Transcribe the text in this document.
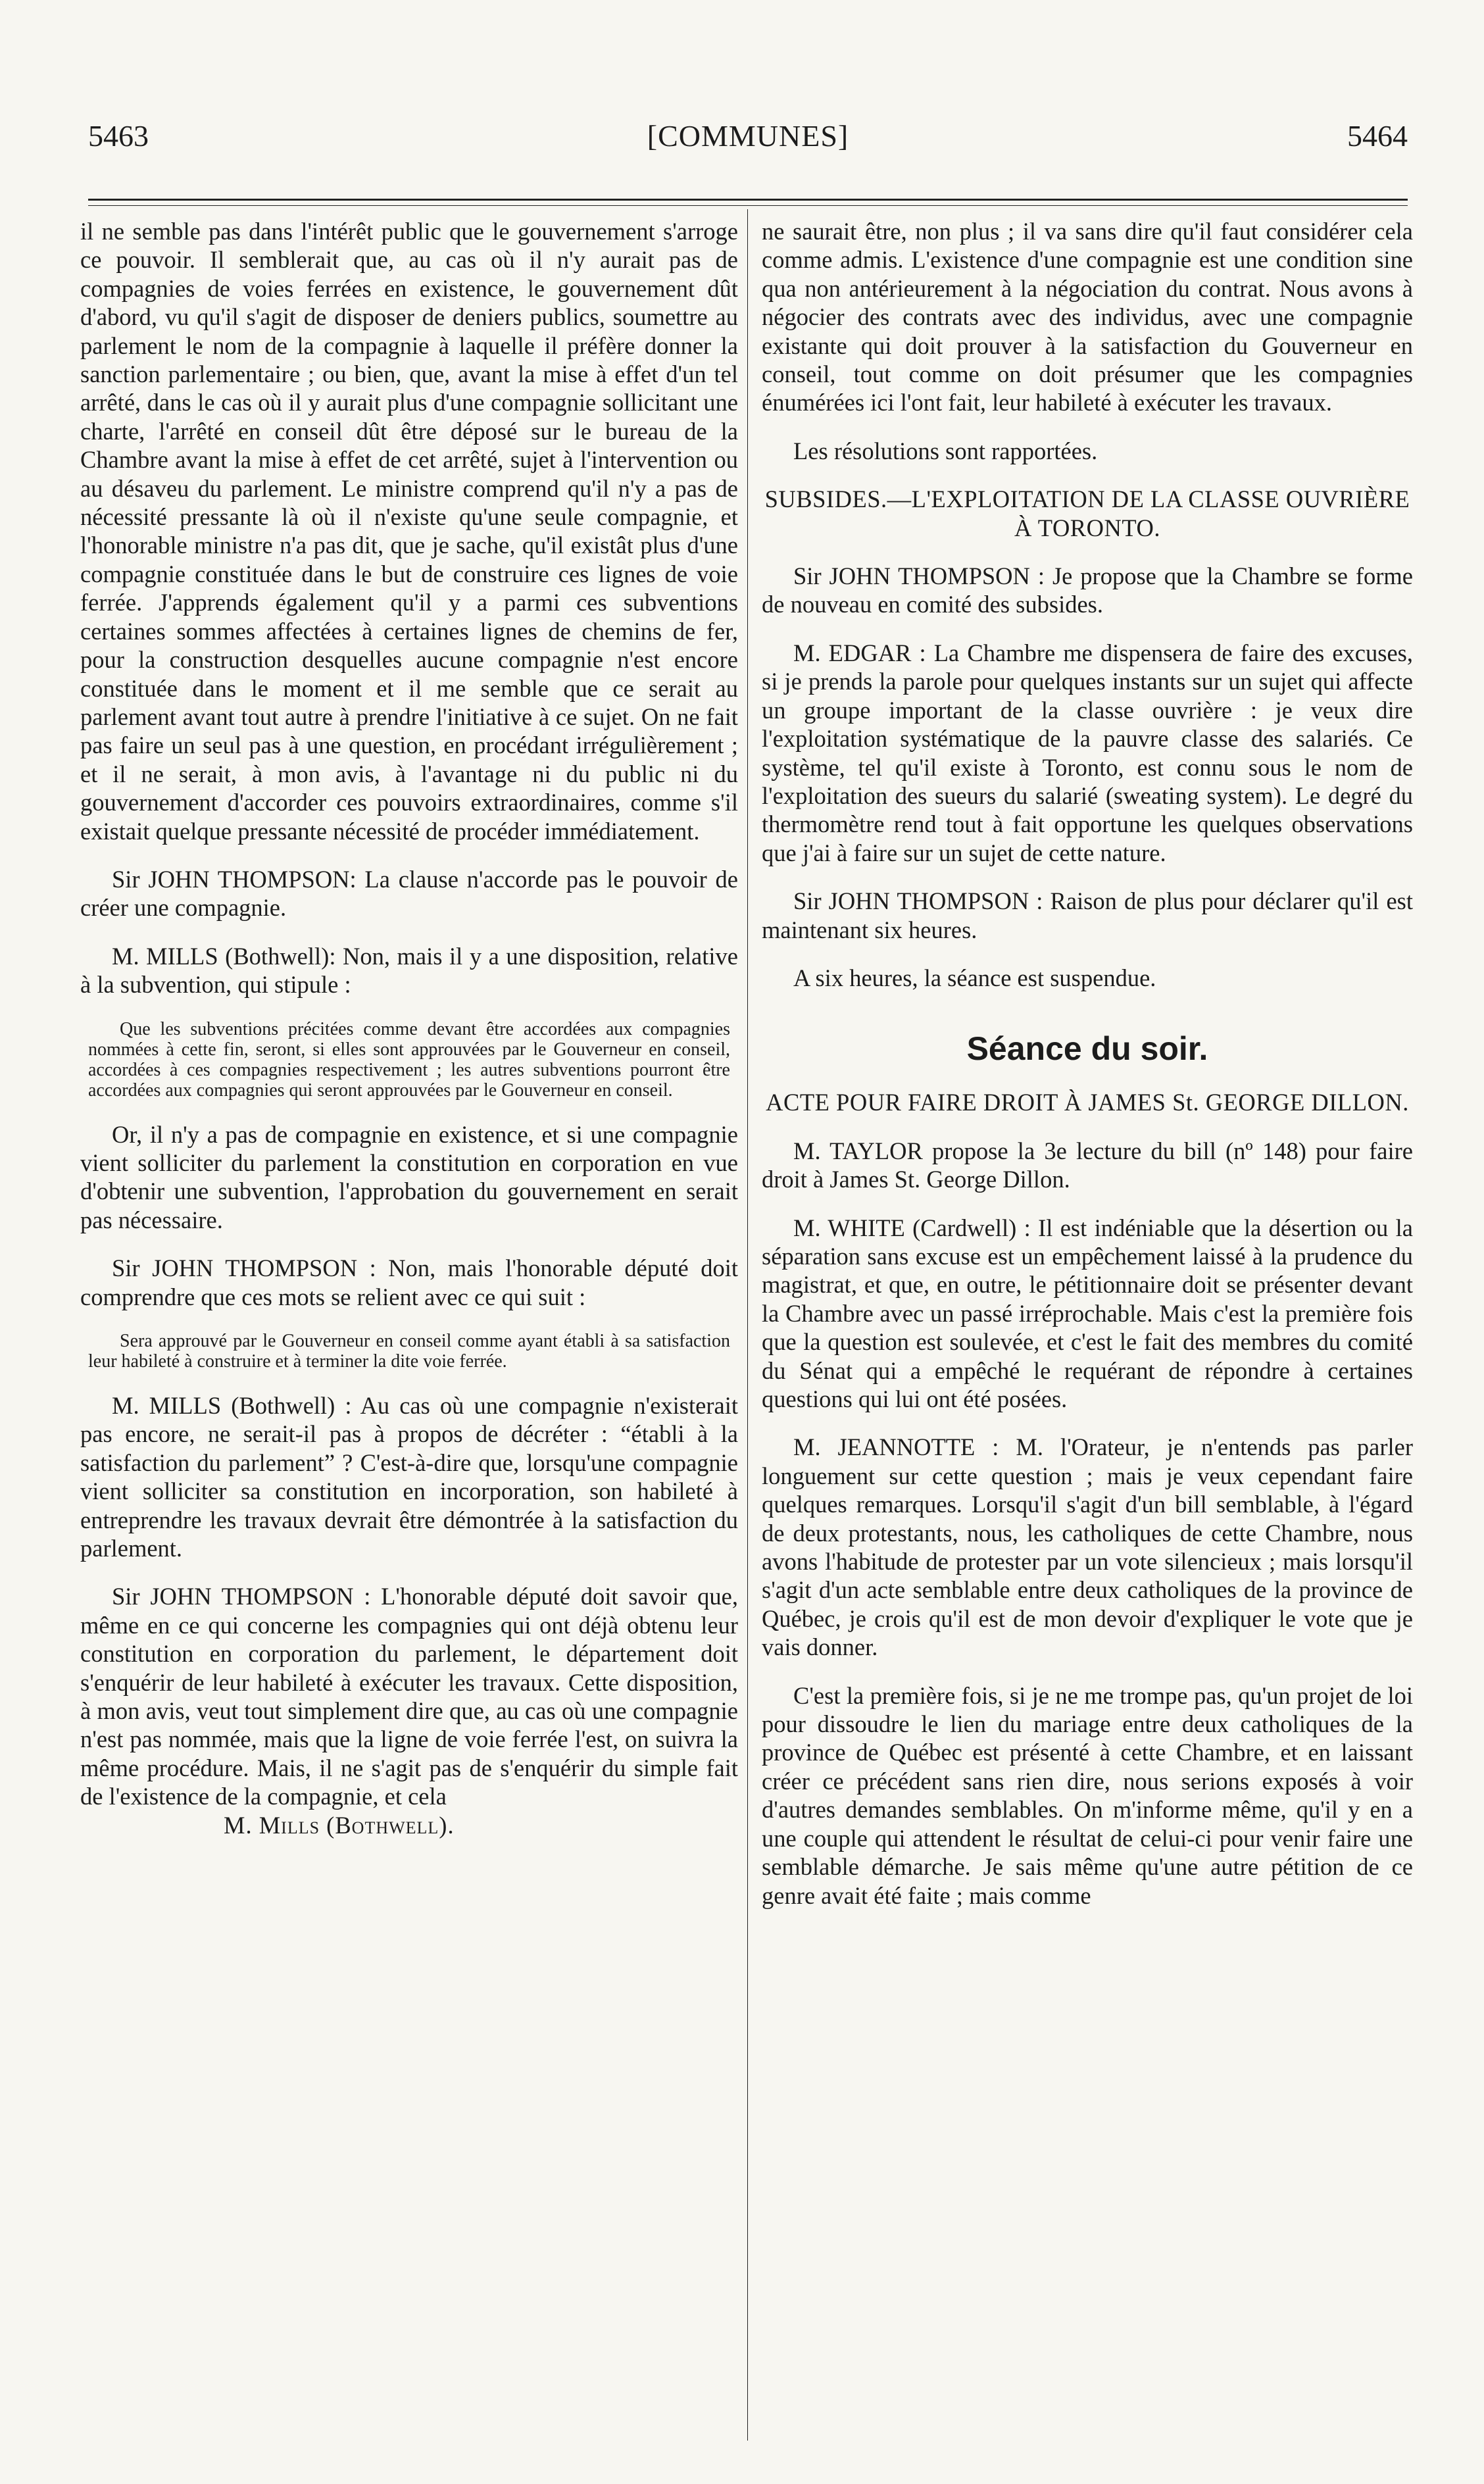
5463	[COMMUNES]	5464

il ne semble pas dans l'intérêt public que le gouvernement s'arroge ce pouvoir. Il semblerait que, au cas où il n'y aurait pas de compagnies de voies ferrées en existence, le gouvernement dût d'abord, vu qu'il s'agit de disposer de deniers publics, soumettre au parlement le nom de la compagnie à laquelle il préfère donner la sanction parlementaire ; ou bien, que, avant la mise à effet d'un tel arrêté, dans le cas où il y aurait plus d'une compagnie sollicitant une charte, l'arrêté en conseil dût être déposé sur le bureau de la Chambre avant la mise à effet de cet arrêté, sujet à l'intervention ou au désaveu du parlement. Le ministre comprend qu'il n'y a pas de nécessité pressante là où il n'existe qu'une seule compagnie, et l'honorable ministre n'a pas dit, que je sache, qu'il existât plus d'une compagnie constituée dans le but de construire ces lignes de voie ferrée. J'apprends également qu'il y a parmi ces subventions certaines sommes affectées à certaines lignes de chemins de fer, pour la construction desquelles aucune compagnie n'est encore constituée dans le moment et il me semble que ce serait au parlement avant tout autre à prendre l'initiative à ce sujet. On ne fait pas faire un seul pas à une question, en procédant irrégulièrement ; et il ne serait, à mon avis, à l'avantage ni du public ni du gouvernement d'accorder ces pouvoirs extraordinaires, comme s'il existait quelque pressante nécessité de procéder immédiatement.

Sir JOHN THOMPSON: La clause n'accorde pas le pouvoir de créer une compagnie.

M. MILLS (Bothwell): Non, mais il y a une disposition, relative à la subvention, qui stipule :

Que les subventions précitées comme devant être accordées aux compagnies nommées à cette fin, seront, si elles sont approuvées par le Gouverneur en conseil, accordées à ces compagnies respectivement ; les autres subventions pourront être accordées aux compagnies qui seront approuvées par le Gouverneur en conseil.

Or, il n'y a pas de compagnie en existence, et si une compagnie vient solliciter du parlement la constitution en corporation en vue d'obtenir une subvention, l'approbation du gouvernement en serait pas nécessaire.

Sir JOHN THOMPSON : Non, mais l'honorable député doit comprendre que ces mots se relient avec ce qui suit :

Sera approuvé par le Gouverneur en conseil comme ayant établi à sa satisfaction leur habileté à construire et à terminer la dite voie ferrée.

M. MILLS (Bothwell) : Au cas où une compagnie n'existerait pas encore, ne serait-il pas à propos de décréter : “établi à la satisfaction du parlement” ? C'est-à-dire que, lorsqu'une compagnie vient solliciter sa constitution en incorporation, son habileté à entreprendre les travaux devrait être démontrée à la satisfaction du parlement.

Sir JOHN THOMPSON : L'honorable député doit savoir que, même en ce qui concerne les compagnies qui ont déjà obtenu leur constitution en corporation du parlement, le département doit s'enquérir de leur habileté à exécuter les travaux. Cette disposition, à mon avis, veut tout simplement dire que, au cas où une compagnie n'est pas nommée, mais que la ligne de voie ferrée l'est, on suivra la même procédure. Mais, il ne s'agit pas de s'enquérir du simple fait de l'existence de la compagnie, et cela

M. Mills (Bothwell).

ne saurait être, non plus ; il va sans dire qu'il faut considérer cela comme admis. L'existence d'une compagnie est une condition sine qua non antérieurement à la négociation du contrat. Nous avons à négocier des contrats avec des individus, avec une compagnie existante qui doit prouver à la satisfaction du Gouverneur en conseil, tout comme on doit présumer que les compagnies énumérées ici l'ont fait, leur habileté à exécuter les travaux.

Les résolutions sont rapportées.

SUBSIDES.—L'EXPLOITATION DE LA CLASSE OUVRIÈRE À TORONTO.

Sir JOHN THOMPSON : Je propose que la Chambre se forme de nouveau en comité des subsides.

M. EDGAR : La Chambre me dispensera de faire des excuses, si je prends la parole pour quelques instants sur un sujet qui affecte un groupe important de la classe ouvrière : je veux dire l'exploitation systématique de la pauvre classe des salariés. Ce système, tel qu'il existe à Toronto, est connu sous le nom de l'exploitation des sueurs du salarié (sweating system). Le degré du thermomètre rend tout à fait opportune les quelques observations que j'ai à faire sur un sujet de cette nature.

Sir JOHN THOMPSON : Raison de plus pour déclarer qu'il est maintenant six heures.

A six heures, la séance est suspendue.

Séance du soir.

ACTE POUR FAIRE DROIT À JAMES St. GEORGE DILLON.

M. TAYLOR propose la 3e lecture du bill (nº 148) pour faire droit à James St. George Dillon.

M. WHITE (Cardwell) : Il est indéniable que la désertion ou la séparation sans excuse est un empêchement laissé à la prudence du magistrat, et que, en outre, le pétitionnaire doit se présenter devant la Chambre avec un passé irréprochable. Mais c'est la première fois que la question est soulevée, et c'est le fait des membres du comité du Sénat qui a empêché le requérant de répondre à certaines questions qui lui ont été posées.

M. JEANNOTTE : M. l'Orateur, je n'entends pas parler longuement sur cette question ; mais je veux cependant faire quelques remarques. Lorsqu'il s'agit d'un bill semblable, à l'égard de deux protestants, nous, les catholiques de cette Chambre, nous avons l'habitude de protester par un vote silencieux ; mais lorsqu'il s'agit d'un acte semblable entre deux catholiques de la province de Québec, je crois qu'il est de mon devoir d'expliquer le vote que je vais donner.

C'est la première fois, si je ne me trompe pas, qu'un projet de loi pour dissoudre le lien du mariage entre deux catholiques de la province de Québec est présenté à cette Chambre, et en laissant créer ce précédent sans rien dire, nous serions exposés à voir d'autres demandes semblables. On m'informe même, qu'il y en a une couple qui attendent le résultat de celui-ci pour venir faire une semblable démarche. Je sais même qu'une autre pétition de ce genre avait été faite ; mais comme
